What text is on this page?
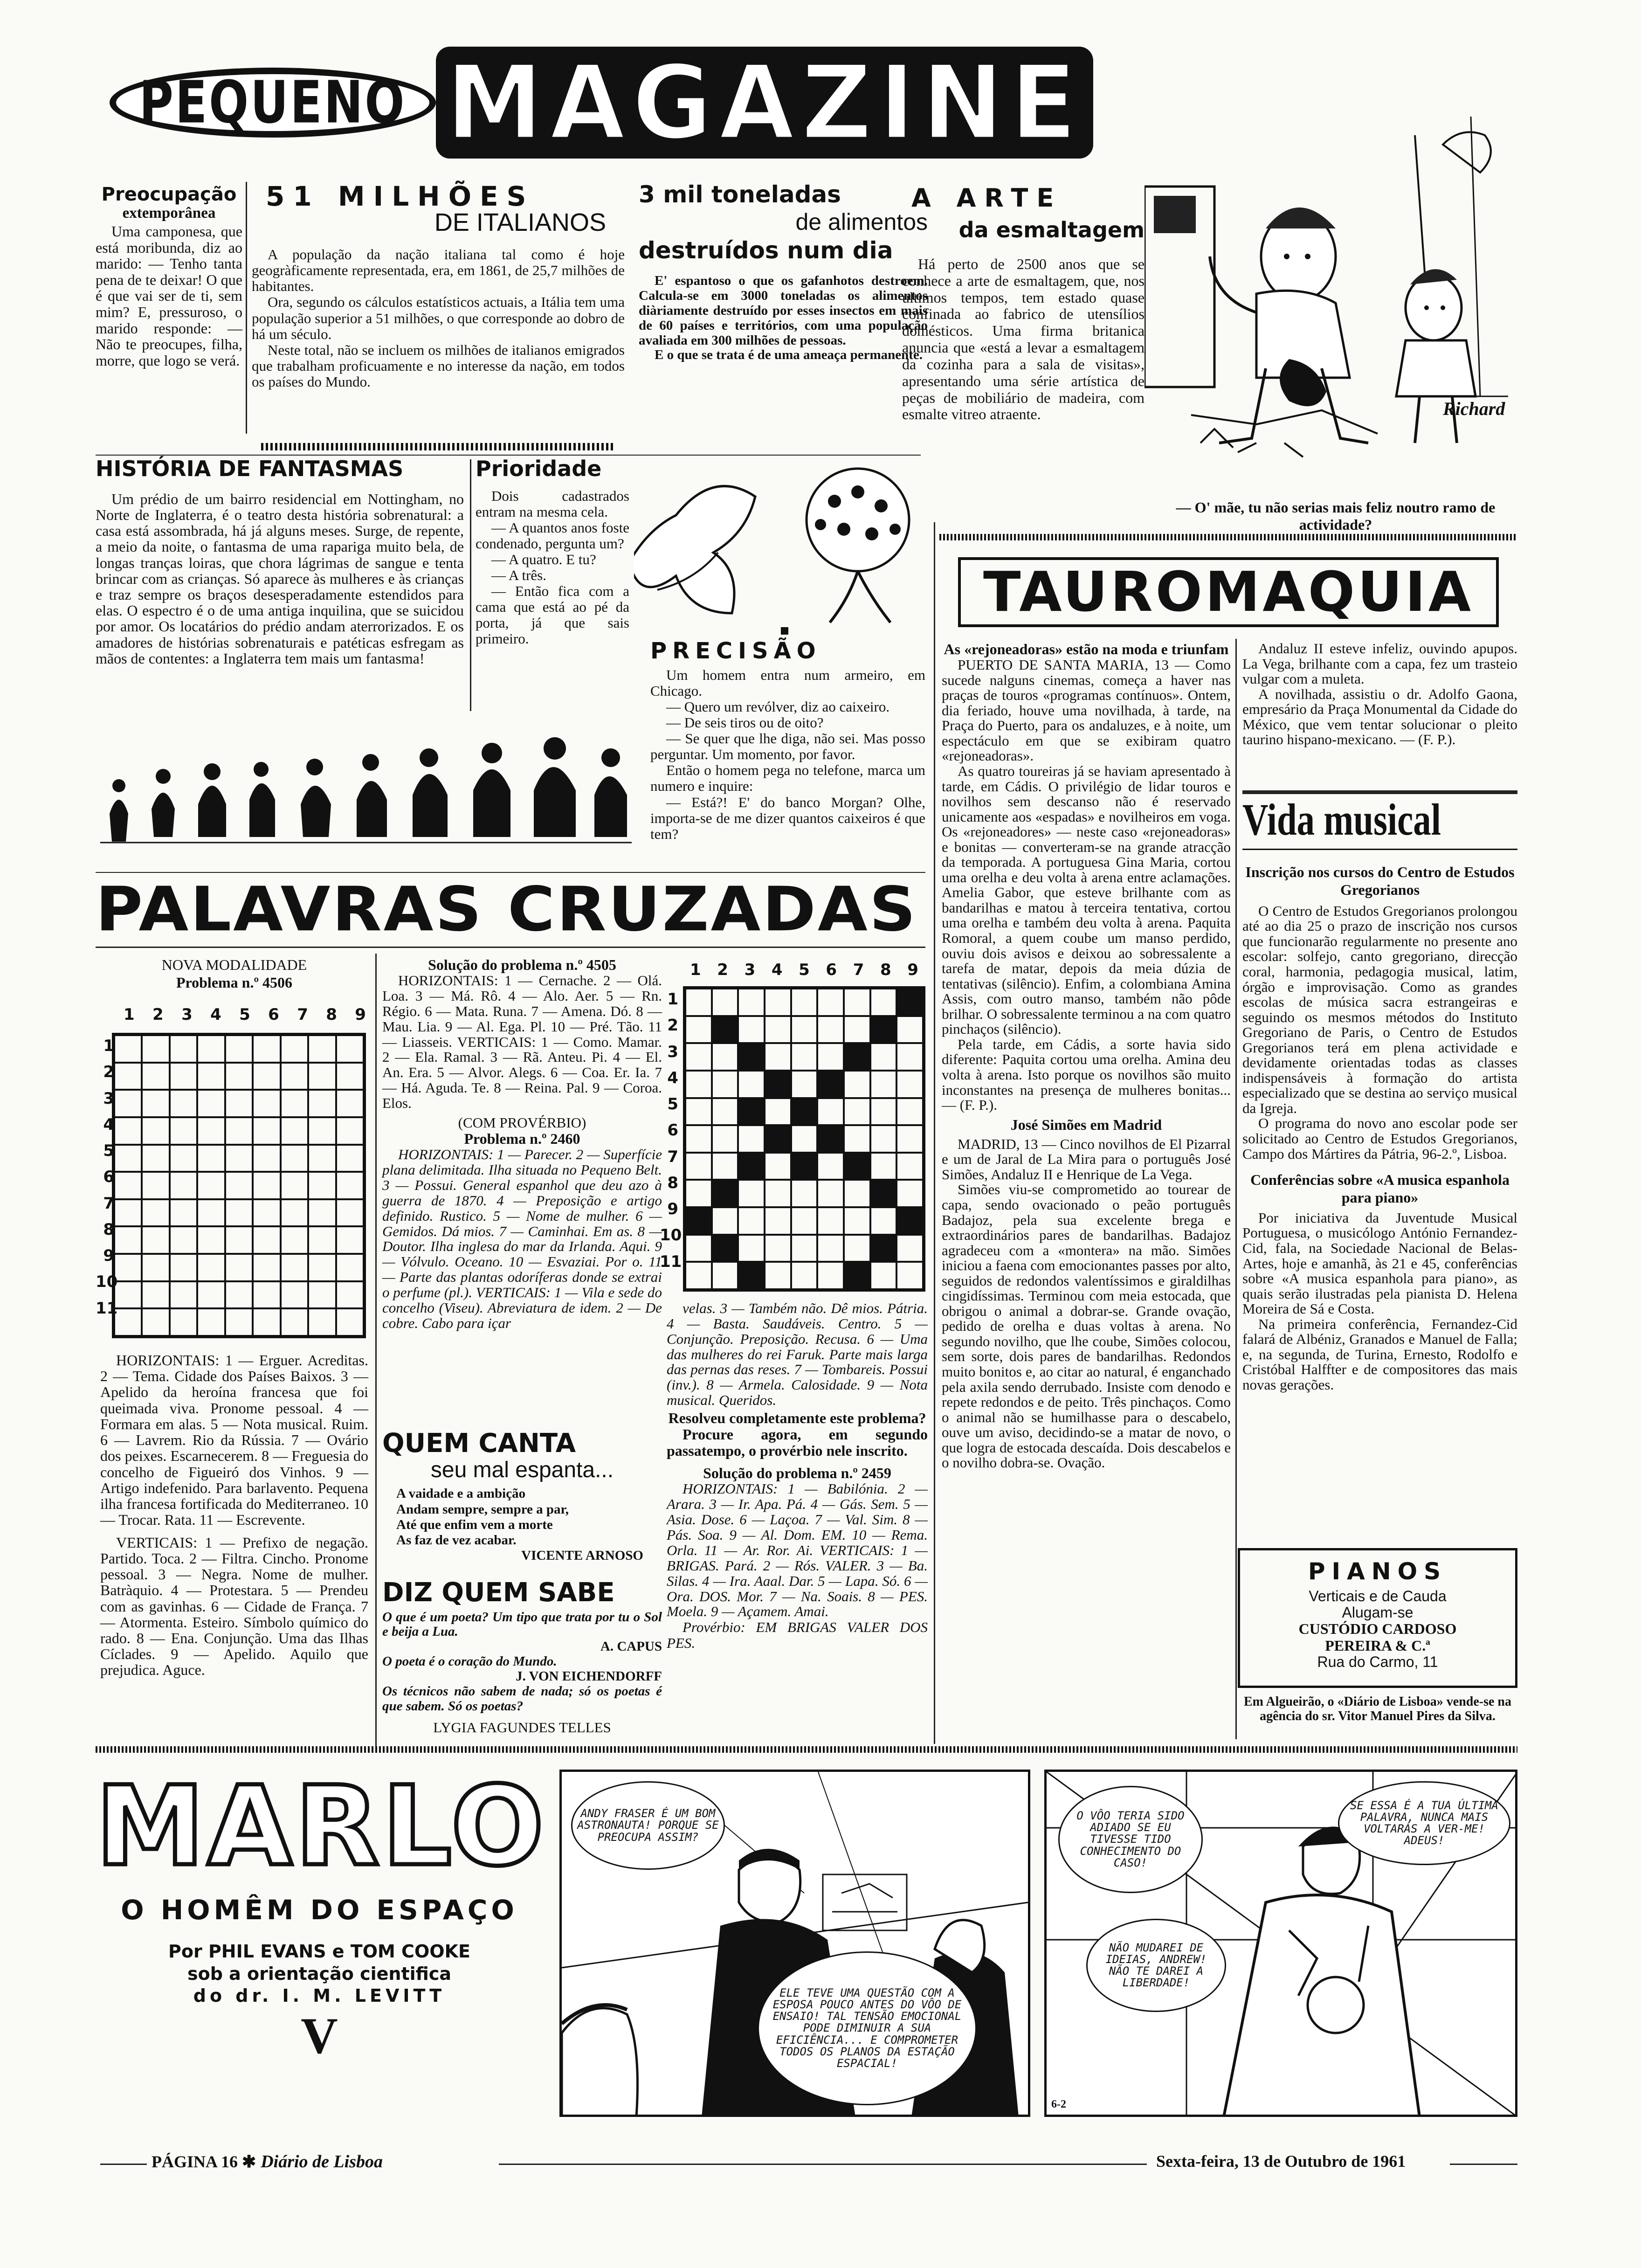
PEQUENO MAGAZINE
Preocupação
extemporânea

Uma camponesa, que está moribunda, diz ao marido: — Tenho tanta pena de te deixar! O que é que vai ser de ti, sem mim? E, pressuroso, o marido responde: — Não te preocupes, filha, morre, que logo se verá.

51 MILHÕES
DE ITALIANOS

A população da nação italiana tal como é hoje geogràficamente representada, era, em 1861, de 25,7 milhões de habitantes.

Ora, segundo os cálculos estatísticos actuais, a Itália tem uma população superior a 51 milhões, o que corresponde ao dobro de há um século.

Neste total, não se incluem os milhões de italianos emigrados que trabalham proficuamente e no interesse da nação, em todos os países do Mundo.

3 mil toneladas
de alimentos
destruídos num dia

E' espantoso o que os gafanhotos destroem. Calcula-se em 3000 toneladas os alimentos diàriamente destruído por esses insectos em mais de 60 países e territórios, com uma população avaliada em 300 milhões de pessoas.

E o que se trata é de uma ameaça permanente.

A ARTE
da esmaltagem

Há perto de 2500 anos que se conhece a arte de esmaltagem, que, nos ultimos tempos, tem estado quase confinada ao fabrico de utensílios domésticos. Uma firma britanica anuncia que «está a levar a esmaltagem da cozinha para a sala de visitas», apresentando uma série artística de peças de mobiliário de madeira, com esmalte vitreo atraente.	Richard
— O' mãe, tu não serias mais feliz noutro ramo de actividade?
HISTÓRIA DE FANTASMAS

Um prédio de um bairro residencial em Nottingham, no Norte de Inglaterra, é o teatro desta história sobrenatural: a casa está assombrada, há já alguns meses. Surge, de repente, a meio da noite, o fantasma de uma rapariga muito bela, de longas tranças loiras, que chora lágrimas de sangue e tenta brincar com as crianças. Só aparece às mulheres e às crianças e traz sempre os braços desesperadamente estendidos para elas. O espectro é o de uma antiga inquilina, que se suicidou por amor. Os locatários do prédio andam aterrorizados. E os amadores de histórias sobrenaturais e patéticas esfregam as mãos de contentes: a Inglaterra tem mais um fantasma!

Prioridade

Dois cadastrados entram na mesma cela.

— A quantos anos foste condenado, pergunta um?

— A quatro. E tu?

— A três.

— Então fica com a cama que está ao pé da porta, já que sais primeiro.	PRECISÃO

Um homem entra num armeiro, em Chicago.

— Quero um revólver, diz ao caixeiro.

— De seis tiros ou de oito?

— Se quer que lhe diga, não sei. Mas posso perguntar. Um momento, por favor.

Então o homem pega no telefone, marca um numero e inquire:

— Está?! E' do banco Morgan? Olhe, importa-se de me dizer quantos caixeiros é que tem?

PALAVRAS CRUZADAS
NOVA MODALIDADE
Problema n.º 4506
1 2 3 4 5 6 7 8 9
1
2
3
4
5
6
7
8
9
10
11

HORIZONTAIS: 1 — Erguer. Acreditas. 2 — Tema. Cidade dos Países Baixos. 3 — Apelido da heroína francesa que foi queimada viva. Pronome pessoal. 4 — Formara em alas. 5 — Nota musical. Ruim. 6 — Lavrem. Rio da Rússia. 7 — Ovário dos peixes. Escarnecerem. 8 — Freguesia do concelho de Figueiró dos Vinhos. 9 — Artigo indefenido. Para barlavento. Pequena ilha francesa fortificada do Mediterraneo. 10 — Trocar. Rata. 11 — Escrevente.

VERTICAIS: 1 — Prefixo de negação. Partido. Toca. 2 — Filtra. Cincho. Pronome pessoal. 3 — Negra. Nome de mulher. Batràquio. 4 — Protestara. 5 — Prendeu com as gavinhas. 6 — Cidade de França. 7 — Atormenta. Esteiro. Símbolo químico do rado. 8 — Ena. Conjunção. Uma das Ilhas Cíclades. 9 — Apelido. Aquilo que prejudica. Aguce.

Solução do problema n.º 4505

HORIZONTAIS: 1 — Cernache. 2 — Olá. Loa. 3 — Má. Rô. 4 — Alo. Aer. 5 — Rn. Régio. 6 — Mata. Runa. 7 — Amena. Dó. 8 — Mau. Lia. 9 — Al. Ega. Pl. 10 — Pré. Tão. 11 — Liasseis. VERTICAIS: 1 — Como. Mamar. 2 — Ela. Ramal. 3 — Rã. Anteu. Pi. 4 — El. An. Era. 5 — Alvor. Alegs. 6 — Coa. Er. Ia. 7 — Há. Aguda. Te. 8 — Reina. Pal. 9 — Coroa. Elos.

(COM PROVÉRBIO)
Problema n.º 2460

HORIZONTAIS: 1 — Parecer. 2 — Superfície plana delimitada. Ilha situada no Pequeno Belt. 3 — Possui. General espanhol que deu azo à guerra de 1870. 4 — Preposição e artigo definido. Rustico. 5 — Nome de mulher. 6 — Gemidos. Dá mios. 7 — Caminhai. Em as. 8 — Doutor. Ilha inglesa do mar da Irlanda. Aqui. 9 — Vólvulo. Oceano. 10 — Esvaziai. Por o. 11 — Parte das plantas odoríferas donde se extrai o perfume (pl.). VERTICAIS: 1 — Vila e sede do concelho (Viseu). Abreviatura de idem. 2 — De cobre. Cabo para içar

1 2 3 4 5 6 7 8 9
1
2
3
4
5
6
7
8
9
10
11

velas. 3 — Também não. Dê mios. Pátria. 4 — Basta. Saudáveis. Centro. 5 — Conjunção. Preposição. Recusa. 6 — Uma das mulheres do rei Faruk. Parte mais larga das pernas das reses. 7 — Tombareis. Possui (inv.). 8 — Armela. Calosidade. 9 — Nota musical. Queridos.

Resolveu completamente este problema?

Procure agora, em segundo passatempo, o provérbio nele inscrito.

Solução do problema n.º 2459

HORIZONTAIS: 1 — Babilónia. 2 — Arara. 3 — Ir. Apa. Pá. 4 — Gás. Sem. 5 — Asia. Dose. 6 — Laçoa. 7 — Val. Sim. 8 — Pás. Soa. 9 — Al. Dom. EM. 10 — Rema. Orla. 11 — Ar. Ror. Ai. VERTICAIS: 1 — BRIGAS. Pará. 2 — Rós. VALER. 3 — Ba. Silas. 4 — Ira. Aaal. Dar. 5 — Lapa. Só. 6 — Ora. DOS. Mor. 7 — Na. Soais. 8 — PES. Moela. 9 — Açamem. Amai.

Provérbio: EM BRIGAS VALER DOS PES.

QUEM CANTA
seu mal espanta...
A vaidade e a ambição
Andam sempre, sempre a par,
Até que enfim vem a morte
As faz de vez acabar.
VICENTE ARNOSO
DIZ QUEM SABE

O que é um poeta? Um tipo que trata por tu o Sol e beija a Lua.

A. CAPUS

O poeta é o coração do Mundo.

J. VON EICHENDORFF

Os técnicos não sabem de nada; só os poetas é que sabem. Só os poetas?

LYGIA FAGUNDES TELLES
TAUROMAQUIA
As «rejoneadoras» estão na moda e triunfam

PUERTO DE SANTA MARIA, 13 — Como sucede nalguns cinemas, começa a haver nas praças de touros «programas contínuos». Ontem, dia feriado, houve uma novilhada, à tarde, na Praça do Puerto, para os andaluzes, e à noite, um espectáculo em que se exibiram quatro «rejoneadoras».

As quatro toureiras já se haviam apresentado à tarde, em Cádis. O privilégio de lidar touros e novilhos sem descanso não é reservado unicamente aos «espadas» e novilheiros em voga. Os «rejoneadores» — neste caso «rejoneadoras» e bonitas — converteram-se na grande atracção da temporada. A portuguesa Gina Maria, cortou uma orelha e deu volta à arena entre aclamações. Amelia Gabor, que esteve brilhante com as bandarilhas e matou à terceira tentativa, cortou uma orelha e também deu volta à arena. Paquita Romoral, a quem coube um manso perdido, ouviu dois avisos e deixou ao sobressalente a tarefa de matar, depois da meia dúzia de tentativas (silêncio). Enfim, a colombiana Amina Assis, com outro manso, também não pôde brilhar. O sobressalente terminou a na com quatro pinchaços (silêncio).

Pela tarde, em Cádis, a sorte havia sido diferente: Paquita cortou uma orelha. Amina deu volta à arena. Isto porque os novilhos são muito inconstantes na presença de mulheres bonitas... — (F. P.).

José Simões em Madrid

MADRID, 13 — Cinco novilhos de El Pizarral e um de Jaral de La Mira para o português José Simões, Andaluz II e Henrique de La Vega.

Simões viu-se comprometido ao tourear de capa, sendo ovacionado o peão português Badajoz, pela sua excelente brega e extraordinários pares de bandarilhas. Badajoz agradeceu com a «montera» na mão. Simões iniciou a faena com emocionantes passes por alto, seguidos de redondos valentíssimos e giraldilhas cingidíssimas. Terminou com meia estocada, que obrigou o animal a dobrar-se. Grande ovação, pedido de orelha e duas voltas à arena. No segundo novilho, que lhe coube, Simões colocou, sem sorte, dois pares de bandarilhas. Redondos muito bonitos e, ao citar ao natural, é enganchado pela axila sendo derrubado. Insiste com denodo e repete redondos e de peito. Três pinchaços. Como o animal não se humilhasse para o descabelo, ouve um aviso, decidindo-se a matar de novo, o que logra de estocada descaída. Dois descabelos e o novilho dobra-se. Ovação.

Andaluz II esteve infeliz, ouvindo apupos. La Vega, brilhante com a capa, fez um trasteio vulgar com a muleta.

A novilhada, assistiu o dr. Adolfo Gaona, empresário da Praça Monumental da Cidade do México, que vem tentar solucionar o pleito taurino hispano-mexicano. — (F. P.).

Vida musical
Inscrição nos cursos do Centro de Estudos Gregorianos

O Centro de Estudos Gregorianos prolongou até ao dia 25 o prazo de inscrição nos cursos que funcionarão regularmente no presente ano escolar: solfejo, canto gregoriano, direcção coral, harmonia, pedagogia musical, latim, órgão e improvisação. Como as grandes escolas de música sacra estrangeiras e seguindo os mesmos métodos do Instituto Gregoriano de Paris, o Centro de Estudos Gregorianos terá em plena actividade e devidamente orientadas todas as classes indispensáveis à formação do artista especializado que se destina ao serviço musical da Igreja.

O programa do novo ano escolar pode ser solicitado ao Centro de Estudos Gregorianos, Campo dos Mártires da Pátria, 96-2.º, Lisboa.

Conferências sobre «A musica espanhola para piano»

Por iniciativa da Juventude Musical Portuguesa, o musicólogo António Fernandez-Cid, fala, na Sociedade Nacional de Belas-Artes, hoje e amanhã, às 21 e 45, conferências sobre «A musica espanhola para piano», as quais serão ilustradas pela pianista D. Helena Moreira de Sá e Costa.

Na primeira conferência, Fernandez-Cid falará de Albéniz, Granados e Manuel de Falla; e, na segunda, de Turina, Ernesto, Rodolfo e Cristóbal Halffter e de compositores das mais novas gerações.

PIANOS
Verticais e de Cauda
Alugam-se
CUSTÓDIO CARDOSO
PEREIRA & C.ª
Rua do Carmo, 11
Em Algueirão, o «Diário de Lisboa» vende-se na agência do sr. Vitor Manuel Pires da Silva.
MARLO
O HOMÊM DO ESPAÇO
Por PHIL EVANS e TOM COOKE
sob a orientação cientifica
do dr. I. M. LEVITT
V
ANDY FRASER É UM BOM ASTRONAUTA! PORQUE SE PREOCUPA ASSIM?
ELE TEVE UMA QUESTÃO COM A ESPOSA POUCO ANTES DO VÔO DE ENSAIO! TAL TENSÃO EMOCIONAL PODE DIMINUIR A SUA EFICIÊNCIA... E COMPROMETER TODOS OS PLANOS DA ESTAÇÃO ESPACIAL!
O VÔO TERIA SIDO ADIADO SE EU TIVESSE TIDO CONHECIMENTO DO CASO!
NÃO MUDAREI DE IDEIAS, ANDREW! NÃO TE DAREI A LIBERDADE!
SE ESSA É A TUA ÚLTIMA PALAVRA, NUNCA MAIS VOLTARÁS A VER-ME! ADEUS!
6-2
PÁGINA 16 ✱ Diário de Lisboa	Sexta-feira, 13 de Outubro de 1961
